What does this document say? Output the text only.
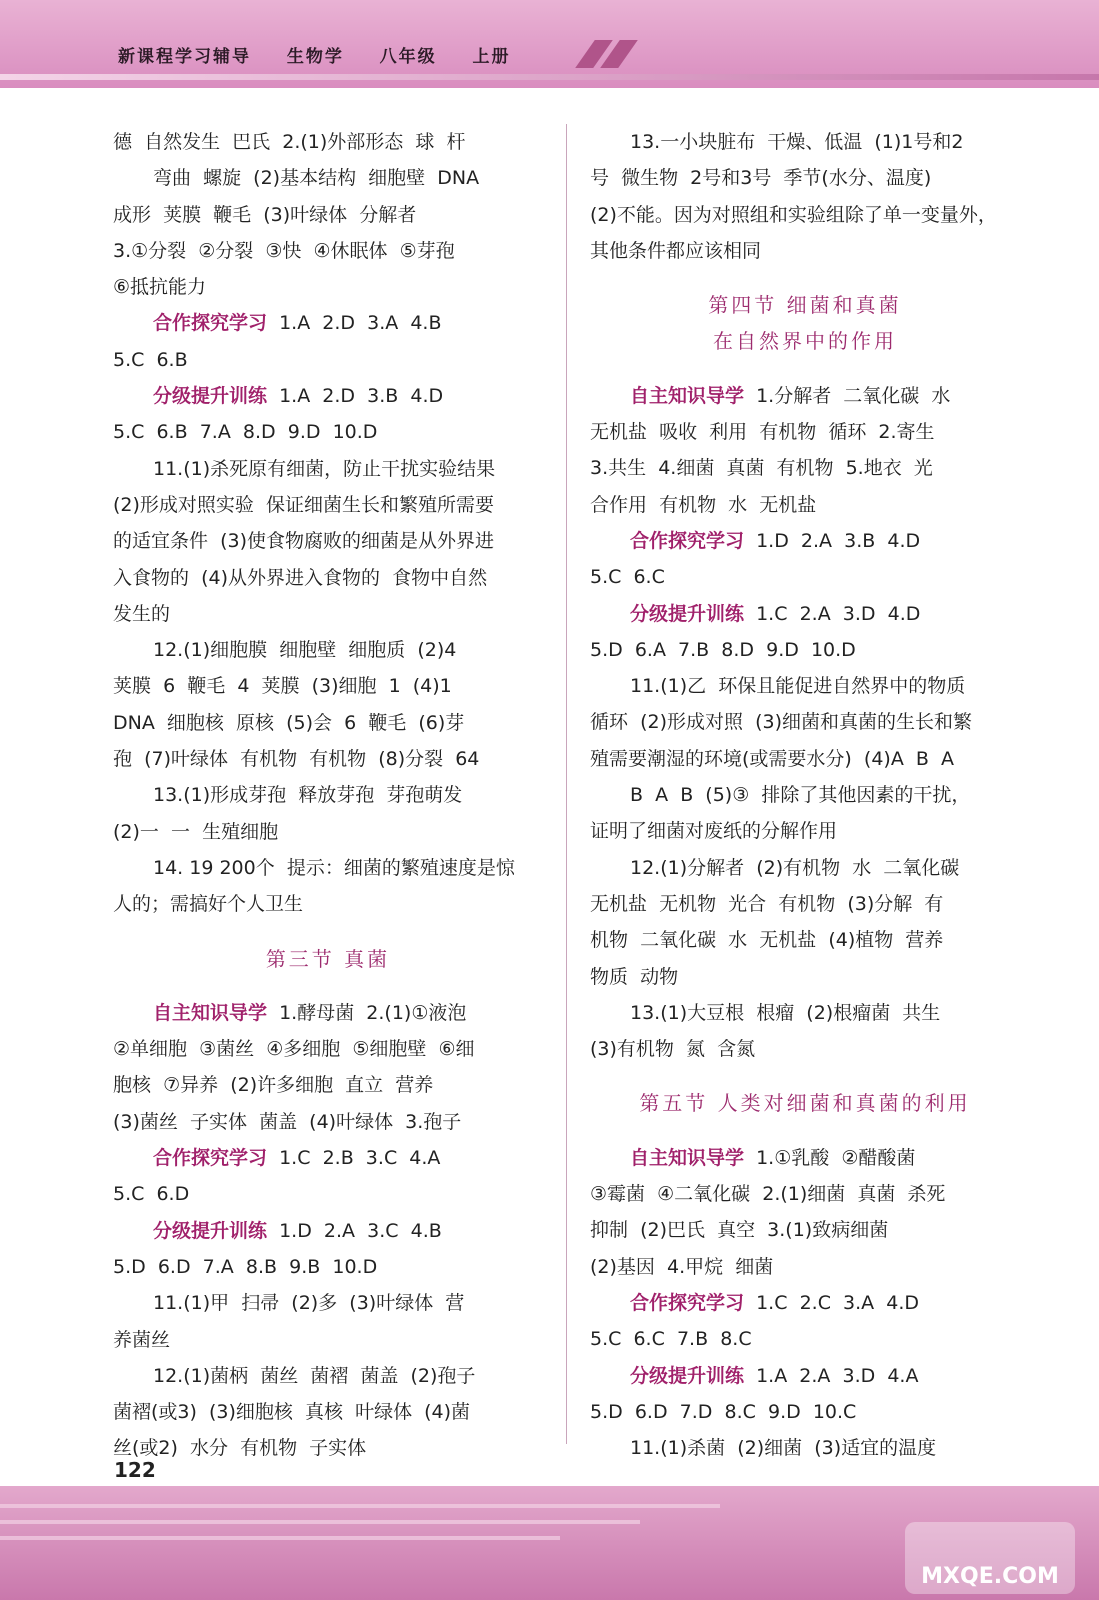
新课程学习辅导  生物学  八年级  上册
德  自然发生  巴氏  2.(1)外部形态  球  杆
弯曲  螺旋  (2)基本结构  细胞壁  DNA
成形  荚膜  鞭毛  (3)叶绿体  分解者
3.①分裂  ②分裂  ③快  ④休眠体  ⑤芽孢
⑥抵抗能力
合作探究学习  1.A  2.D  3.A  4.B
5.C  6.B
分级提升训练  1.A  2.D  3.B  4.D
5.C  6.B  7.A  8.D  9.D  10.D
11.(1)杀死原有细菌，防止干扰实验结果
(2)形成对照实验  保证细菌生长和繁殖所需要
的适宜条件  (3)使食物腐败的细菌是从外界进
入食物的  (4)从外界进入食物的  食物中自然
发生的
12.(1)细胞膜  细胞壁  细胞质  (2)4
荚膜  6  鞭毛  4  荚膜  (3)细胞  1  (4)1
DNA  细胞核  原核  (5)会  6  鞭毛  (6)芽
孢  (7)叶绿体  有机物  有机物  (8)分裂  64
13.(1)形成芽孢  释放芽孢  芽孢萌发
(2)一  一  生殖细胞
14. 19 200个  提示：细菌的繁殖速度是惊
人的；需搞好个人卫生
第三节 真菌
自主知识导学  1.酵母菌  2.(1)①液泡
②单细胞  ③菌丝  ④多细胞  ⑤细胞壁  ⑥细
胞核  ⑦异养  (2)许多细胞  直立  营养
(3)菌丝  子实体  菌盖  (4)叶绿体  3.孢子
合作探究学习  1.C  2.B  3.C  4.A
5.C  6.D
分级提升训练  1.D  2.A  3.C  4.B
5.D  6.D  7.A  8.B  9.B  10.D
11.(1)甲  扫帚  (2)多  (3)叶绿体  营
养菌丝
12.(1)菌柄  菌丝  菌褶  菌盖  (2)孢子
菌褶(或3)  (3)细胞核  真核  叶绿体  (4)菌
丝(或2)  水分  有机物  子实体
13.一小块脏布  干燥、低温  (1)1号和2
号  微生物  2号和3号  季节(水分、温度)
(2)不能。因为对照组和实验组除了单一变量外，
其他条件都应该相同
第四节 细菌和真菌
在自然界中的作用
自主知识导学  1.分解者  二氧化碳  水
无机盐  吸收  利用  有机物  循环  2.寄生
3.共生  4.细菌  真菌  有机物  5.地衣  光
合作用  有机物  水  无机盐
合作探究学习  1.D  2.A  3.B  4.D
5.C  6.C
分级提升训练  1.C  2.A  3.D  4.D
5.D  6.A  7.B  8.D  9.D  10.D
11.(1)乙  环保且能促进自然界中的物质
循环  (2)形成对照  (3)细菌和真菌的生长和繁
殖需要潮湿的环境(或需要水分)  (4)A  B  A
B  A  B  (5)③  排除了其他因素的干扰，
证明了细菌对废纸的分解作用
12.(1)分解者  (2)有机物  水  二氧化碳
无机盐  无机物  光合  有机物  (3)分解  有
机物  二氧化碳  水  无机盐  (4)植物  营养
物质  动物
13.(1)大豆根  根瘤  (2)根瘤菌  共生
(3)有机物  氮  含氮
第五节 人类对细菌和真菌的利用
自主知识导学  1.①乳酸  ②醋酸菌
③霉菌  ④二氧化碳  2.(1)细菌  真菌  杀死
抑制  (2)巴氏  真空  3.(1)致病细菌
(2)基因  4.甲烷  细菌
合作探究学习  1.C  2.C  3.A  4.D
5.C  6.C  7.B  8.C
分级提升训练  1.A  2.A  3.D  4.A
5.D  6.D  7.D  8.C  9.D  10.C
11.(1)杀菌  (2)细菌  (3)适宜的温度
122
MXQE.COM
